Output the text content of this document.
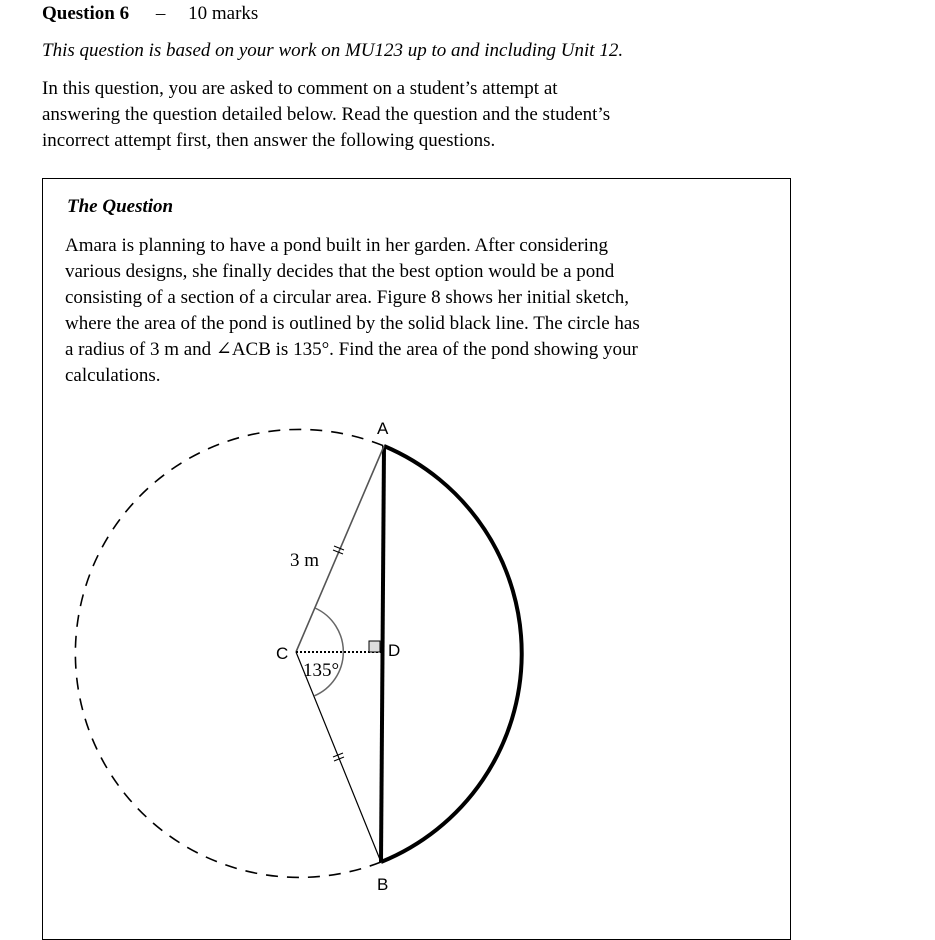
Question 6 – 10 marks
This question is based on your work on MU123 up to and including Unit 12.
In this question, you are asked to comment on a student’s attempt at
answering the question detailed below. Read the question and the student’s
incorrect attempt first, then answer the following questions.
The Question
Amara is planning to have a pond built in her garden. After considering
various designs, she finally decides that the best option would be a pond
consisting of a section of a circular area. Figure 8 shows her initial sketch,
where the area of the pond is outlined by the solid black line. The circle has
a radius of 3 m and ∠ACB is 135°. Find the area of the pond showing your
calculations.
A
B
C	D
3 m
135°
